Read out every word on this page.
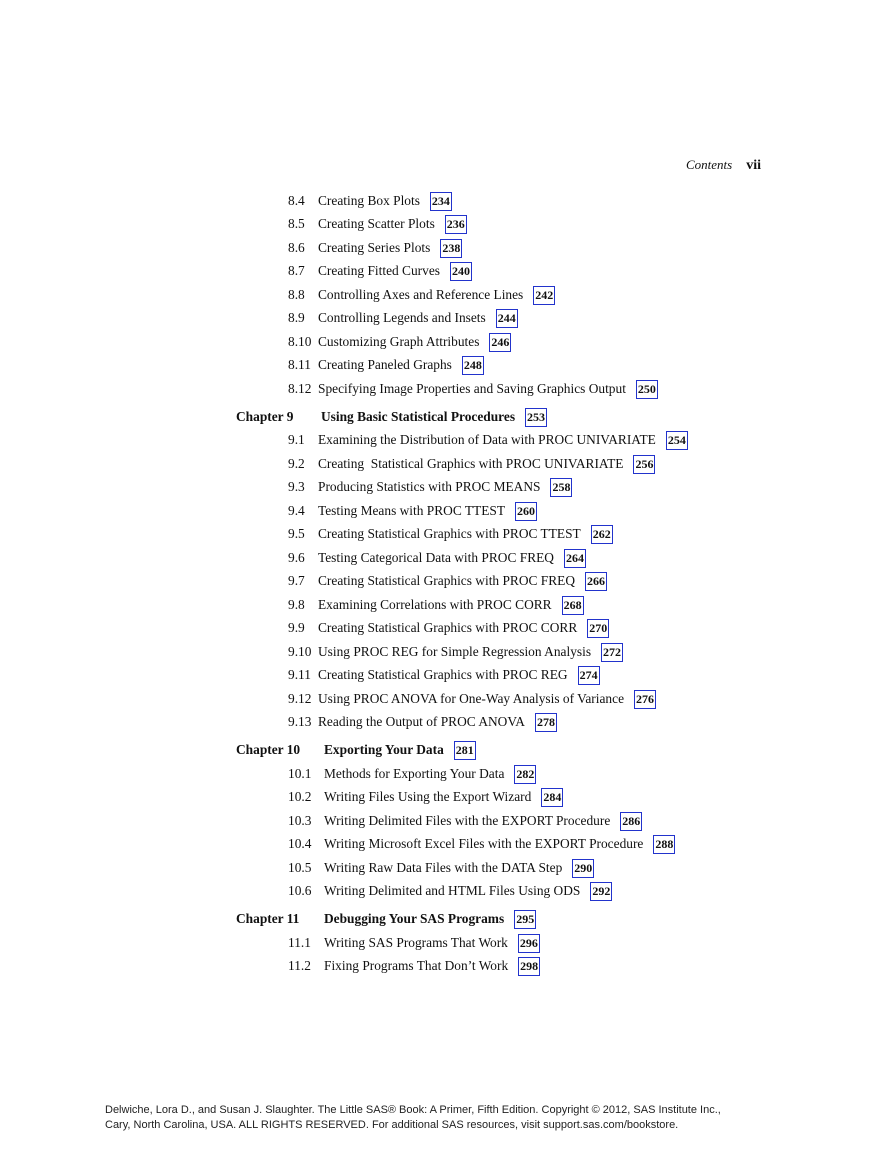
Contents vii
8.4 Creating Box Plots 234
8.5 Creating Scatter Plots 236
8.6 Creating Series Plots 238
8.7 Creating Fitted Curves 240
8.8 Controlling Axes and Reference Lines 242
8.9 Controlling Legends and Insets 244
8.10 Customizing Graph Attributes 246
8.11 Creating Paneled Graphs 248
8.12 Specifying Image Properties and Saving Graphics Output 250
Chapter 9	Using Basic Statistical Procedures 253
9.1 Examining the Distribution of Data with PROC UNIVARIATE 254
9.2 Creating  Statistical Graphics with PROC UNIVARIATE 256
9.3 Producing Statistics with PROC MEANS 258
9.4 Testing Means with PROC TTEST 260
9.5 Creating Statistical Graphics with PROC TTEST 262
9.6 Testing Categorical Data with PROC FREQ 264
9.7 Creating Statistical Graphics with PROC FREQ 266
9.8 Examining Correlations with PROC CORR 268
9.9 Creating Statistical Graphics with PROC CORR 270
9.10 Using PROC REG for Simple Regression Analysis 272
9.11 Creating Statistical Graphics with PROC REG 274
9.12 Using PROC ANOVA for One-Way Analysis of Variance 276
9.13 Reading the Output of PROC ANOVA 278
Chapter 10	Exporting Your Data 281
10.1 Methods for Exporting Your Data 282
10.2 Writing Files Using the Export Wizard 284
10.3 Writing Delimited Files with the EXPORT Procedure 286
10.4 Writing Microsoft Excel Files with the EXPORT Procedure 288
10.5 Writing Raw Data Files with the DATA Step 290
10.6 Writing Delimited and HTML Files Using ODS 292
Chapter 11	Debugging Your SAS Programs 295
11.1 Writing SAS Programs That Work 296
11.2 Fixing Programs That Don’t Work 298
Delwiche, Lora D., and Susan J. Slaughter. The Little SAS® Book: A Primer, Fifth Edition. Copyright © 2012, SAS Institute Inc.,
Cary, North Carolina, USA. ALL RIGHTS RESERVED. For additional SAS resources, visit support.sas.com/bookstore.
